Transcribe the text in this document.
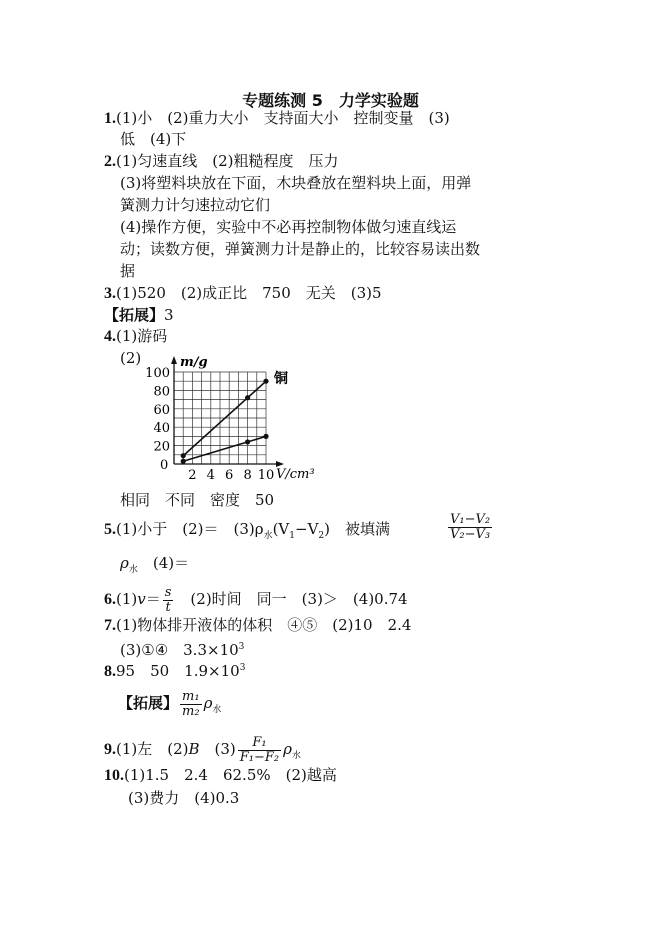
专题练测 5　力学实验题
1.(1)小　(2)重力大小　支持面大小　控制变量　(3)
低　(4)下
2.(1)匀速直线　(2)粗糙程度　压力
(3)将塑料块放在下面，木块叠放在塑料块上面，用弹
簧测力计匀速拉动它们
(4)操作方便，实验中不必再控制物体做匀速直线运
动；读数方便，弹簧测力计是静止的，比较容易读出数
据
3.(1)520　(2)成正比　750　无关　(3)5
【拓展】3
4.(1)游码
(2)
20
40
60
80
100
2 4 6 8 10
铜
m/g
V/cm³
0
相同　不同　密度　50
5.(1)小于　(2)＝　$(3)\rho_水(V_1-V_2)$　被填满	$\frac{\text{V₁−V₂}}{\text{V₂−V₃}}$
$\rho_水$　(4)＝
$6.(1)v= \frac{s}{t}$ 　(2)时间　同一　(3)＞　(4)0.74
7.(1)物体排开液体的体积　④⑤　(2)10　2.4
(3)①④　$3.3\times 10^3$
8.95　50　$1.9\times 10^3$
【拓展】 $\frac{\text{m₁}}{\text{m₂}} \rho_水$
9.(1)左　(2)B　$(3) \frac{\text{F₁}}{\text{F₁−F₂}} \rho_水$
10.(1)1.5　2.4　62.5%　(2)越高
(3)费力　(4)0.3
